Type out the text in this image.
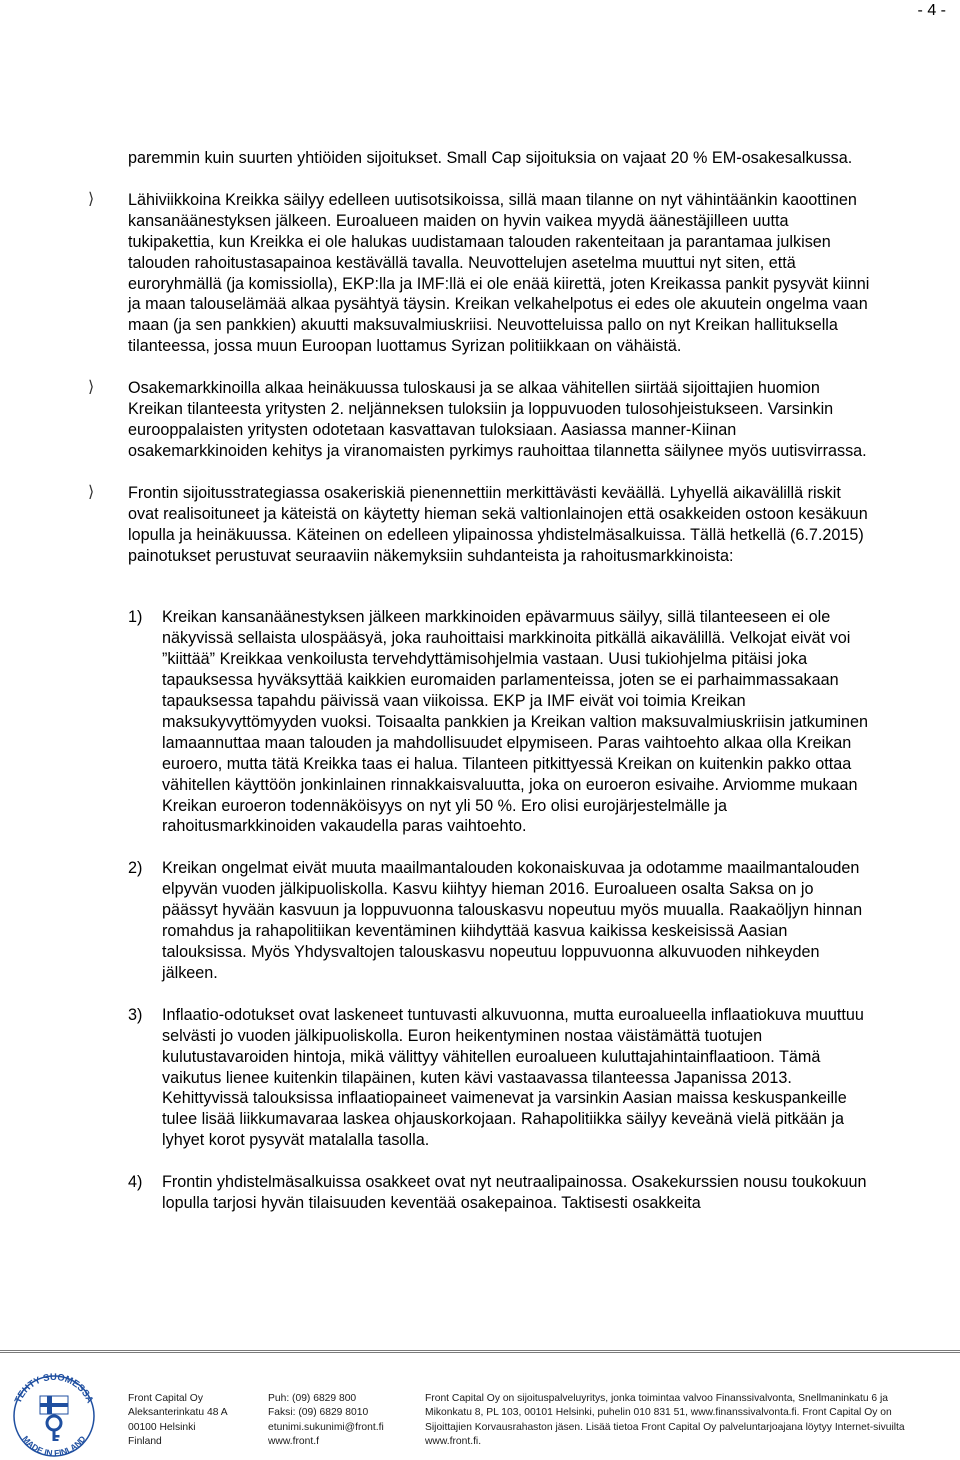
- 4 -

paremmin kuin suurten yhtiöiden sijoitukset. Small Cap sijoituksia on vajaat 20 % EM-osakesalkussa.

⟩ Lähiviikkoina Kreikka säilyy edelleen uutisotsikoissa, sillä maan tilanne on nyt vähintäänkin kaoottinen kansanäänestyksen jälkeen. Euroalueen maiden on hyvin vaikea myydä äänestäjilleen uutta tukipakettia, kun Kreikka ei ole halukas uudistamaan talouden rakenteitaan ja parantamaa julkisen talouden rahoitustasapainoa kestävällä tavalla. Neuvottelujen asetelma muuttui nyt siten, että euroryhmällä (ja komissiolla), EKP:lla ja IMF:llä ei ole enää kiirettä, joten Kreikassa pankit pysyvät kiinni ja maan talouselämää alkaa pysähtyä täysin. Kreikan velkahelpotus ei edes ole akuutein ongelma vaan maan (ja sen pankkien) akuutti maksuvalmiuskriisi. Neuvotteluissa pallo on nyt Kreikan hallituksella tilanteessa, jossa muun Euroopan luottamus Syrizan politiikkaan on vähäistä.

⟩ Osakemarkkinoilla alkaa heinäkuussa tuloskausi ja se alkaa vähitellen siirtää sijoittajien huomion Kreikan tilanteesta yritysten 2. neljänneksen tuloksiin ja loppuvuoden tulosohjeistukseen. Varsinkin eurooppalaisten yritysten odotetaan kasvattavan tuloksiaan. Aasiassa manner-Kiinan osakemarkkinoiden kehitys ja viranomaisten pyrkimys rauhoittaa tilannetta säilynee myös uutisvirrassa.

⟩ Frontin sijoitusstrategiassa osakeriskiä pienennettiin merkittävästi keväällä. Lyhyellä aikavälillä riskit ovat realisoituneet ja käteistä on käytetty hieman sekä valtionlainojen että osakkeiden ostoon kesäkuun lopulla ja heinäkuussa. Käteinen on edelleen ylipainossa yhdistelmäsalkuissa. Tällä hetkellä (6.7.2015) painotukset perustuvat seuraaviin näkemyksiin suhdanteista ja rahoitusmarkkinoista:

1) Kreikan kansanäänestyksen jälkeen markkinoiden epävarmuus säilyy, sillä tilanteeseen ei ole näkyvissä sellaista ulospääsyä, joka rauhoittaisi markkinoita pitkällä aikavälillä. Velkojat eivät voi ”kiittää” Kreikkaa venkoilusta tervehdyttämisohjelmia vastaan. Uusi tukiohjelma pitäisi joka tapauksessa hyväksyttää kaikkien euromaiden parlamenteissa, joten se ei parhaimmassakaan tapauksessa tapahdu päivissä vaan viikoissa. EKP ja IMF eivät voi toimia Kreikan maksukyvyttömyyden vuoksi. Toisaalta pankkien ja Kreikan valtion maksuvalmiuskriisin jatkuminen lamaannuttaa maan talouden ja mahdollisuudet elpymiseen. Paras vaihtoehto alkaa olla Kreikan euroero, mutta tätä Kreikka taas ei halua. Tilanteen pitkittyessä Kreikan on kuitenkin pakko ottaa vähitellen käyttöön jonkinlainen rinnakkaisvaluutta, joka on euroeron esivaihe. Arviomme mukaan Kreikan euroeron todennäköisyys on nyt yli 50 %. Ero olisi eurojärjestelmälle ja rahoitusmarkkinoiden vakaudella paras vaihtoehto.

2) Kreikan ongelmat eivät muuta maailmantalouden kokonaiskuvaa ja odotamme maailmantalouden elpyvän vuoden jälkipuoliskolla. Kasvu kiihtyy hieman 2016. Euroalueen osalta Saksa on jo päässyt hyvään kasvuun ja loppuvuonna talouskasvu nopeutuu myös muualla. Raakaöljyn hinnan romahdus ja rahapolitiikan keventäminen kiihdyttää kasvua kaikissa keskeisissä Aasian talouksissa. Myös Yhdysvaltojen talouskasvu nopeutuu loppuvuonna alkuvuoden nihkeyden jälkeen.

3) Inflaatio-odotukset ovat laskeneet tuntuvasti alkuvuonna, mutta euroalueella inflaatiokuva muuttuu selvästi jo vuoden jälkipuoliskolla. Euron heikentyminen nostaa väistämättä tuotujen kulutustavaroiden hintoja, mikä välittyy vähitellen euroalueen kuluttajahintainflaatioon. Tämä vaikutus lienee kuitenkin tilapäinen, kuten kävi vastaavassa tilanteessa Japanissa 2013. Kehittyvissä talouksissa inflaatiopaineet vaimenevat ja varsinkin Aasian maissa keskuspankeille tulee lisää liikkumavaraa laskea ohjauskorkojaan. Rahapolitiikka säilyy keveänä vielä pitkään ja lyhyet korot pysyvät matalalla tasolla.

4) Frontin yhdistelmäsalkuissa osakkeet ovat nyt neutraalipainossa. Osakekurssien nousu toukokuun lopulla tarjosi hyvän tilaisuuden keventää osakepainoa. Taktisesti osakkeita

TEHTY SUOMESSA
MADE IN FINLAND
Front Capital Oy
Aleksanterinkatu 48 A
00100 Helsinki
Finland
Puh: (09) 6829 800
Faksi: (09) 6829 8010
etunimi.sukunimi@front.fi
www.front.f
Front Capital Oy on sijoituspalveluyritys, jonka toimintaa valvoo Finanssivalvonta, Snellmaninkatu 6 ja
Mikonkatu 8, PL 103, 00101 Helsinki, puhelin 010 831 51, www.finanssivalvonta.fi. Front Capital Oy on
Sijoittajien Korvausrahaston jäsen. Lisää tietoa Front Capital Oy palveluntarjoajana löytyy Internet-sivuilta
www.front.fi.
